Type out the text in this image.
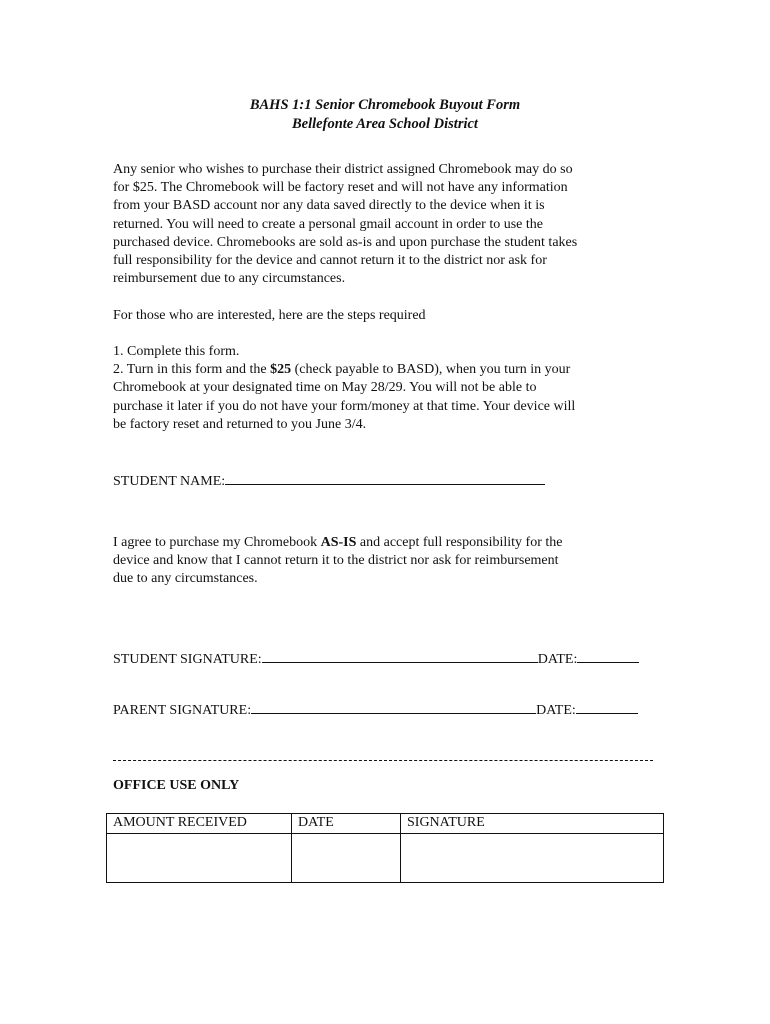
BAHS 1:1 Senior Chromebook Buyout Form
Bellefonte Area School District
Any senior who wishes to purchase their district assigned Chromebook may do so
for $25. The Chromebook will be factory reset and will not have any information
from your BASD account nor any data saved directly to the device when it is
returned. You will need to create a personal gmail account in order to use the
purchased device. Chromebooks are sold as-is and upon purchase the student takes
full responsibility for the device and cannot return it to the district nor ask for
reimbursement due to any circumstances.
For those who are interested, here are the steps required
1. Complete this form.
2. Turn in this form and the $25 (check payable to BASD), when you turn in your
Chromebook at your designated time on May 28/29. You will not be able to
purchase it later if you do not have your form/money at that time. Your device will
be factory reset and returned to you June 3/4.
STUDENT NAME:
I agree to purchase my Chromebook AS-IS and accept full responsibility for the
device and know that I cannot return it to the district nor ask for reimbursement
due to any circumstances.
STUDENT SIGNATURE:	DATE:
PARENT SIGNATURE:	DATE:
OFFICE USE ONLY
AMOUNT RECEIVED	DATE	SIGNATURE
